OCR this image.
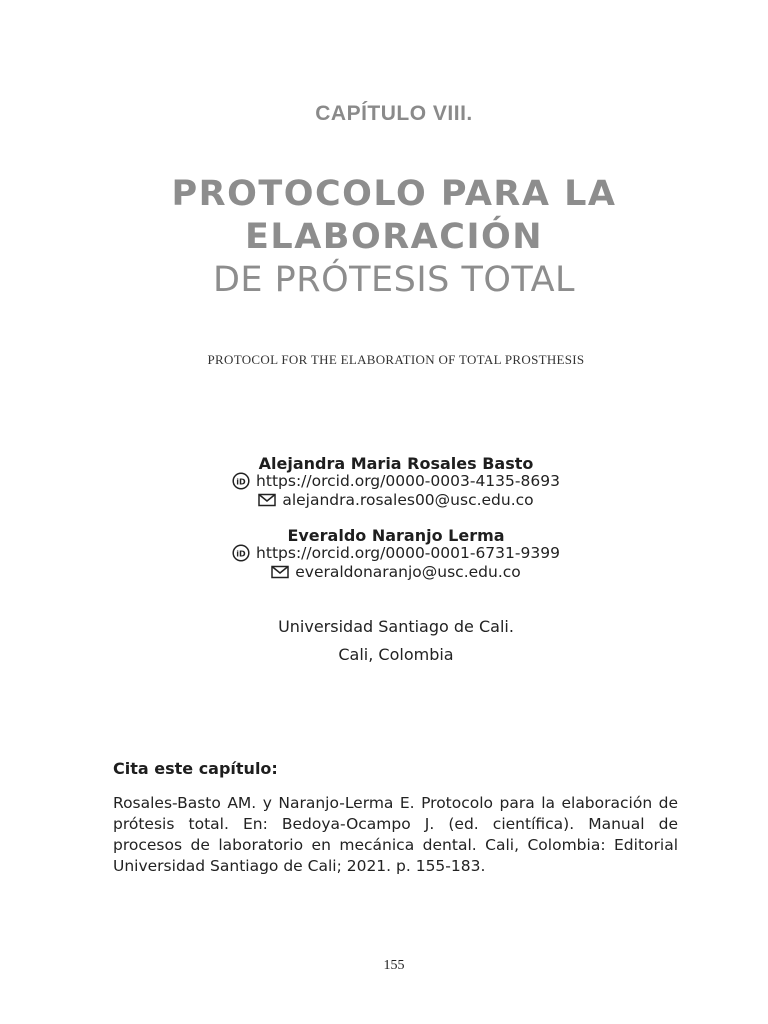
CAPÍTULO VIII.
PROTOCOLO PARA LA
ELABORACIÓN
DE PRÓTESIS TOTAL
PROTOCOL FOR THE ELABORATION OF TOTAL PROSTHESIS
Alejandra Maria Rosales Basto
iD https://orcid.org/0000-0003-4135-8693
alejandra.rosales00@usc.edu.co
Everaldo Naranjo Lerma
iD https://orcid.org/0000-0001-6731-9399
everaldonaranjo@usc.edu.co
Universidad Santiago de Cali.
Cali, Colombia
Cita este capítulo:
Rosales-Basto AM. y Naranjo-Lerma E. Protocolo para la elaboración de prótesis total. En: Bedoya-Ocampo J. (ed. científica). Manual de procesos de laboratorio en mecánica dental. Cali, Colombia: Editorial Universidad Santiago de Cali; 2021. p. 155-183.
155
